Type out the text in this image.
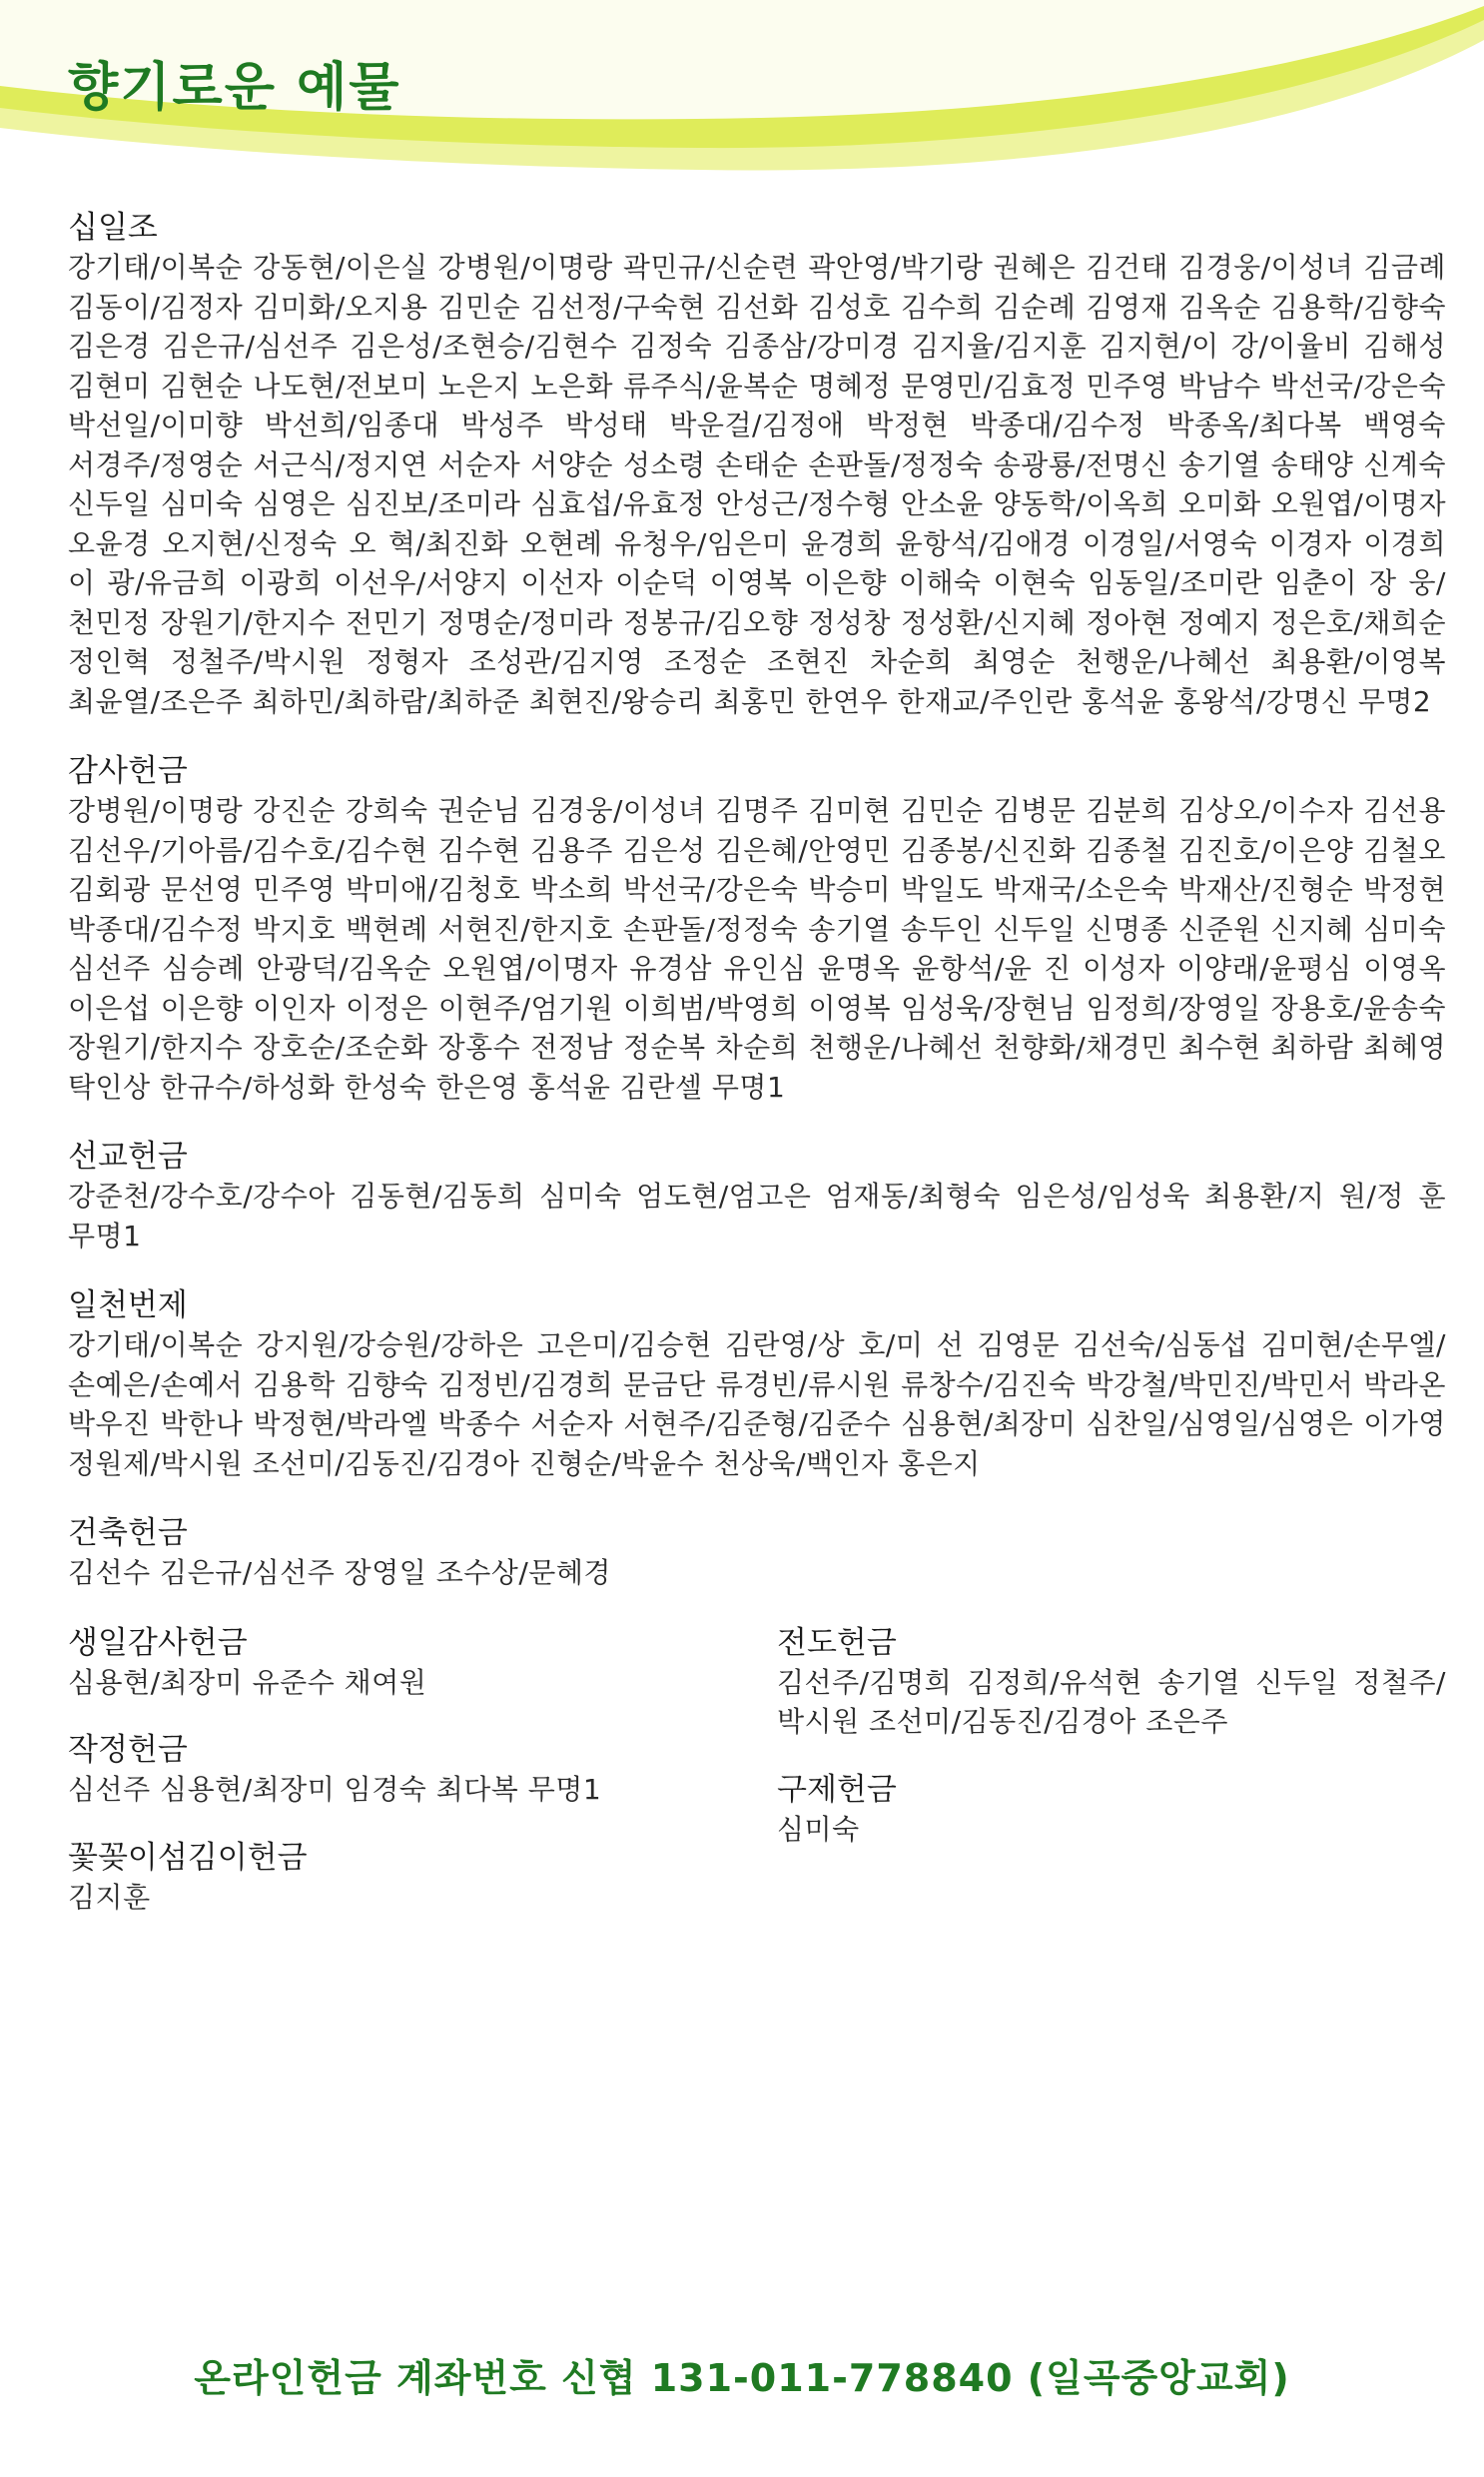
향기로운 예물

십일조

강기태/이복순 강동현/이은실 강병원/이명랑 곽민규/신순련 곽안영/박기랑 권혜은 김건태 김경웅/이성녀 김금례 김동이/김정자 김미화/오지용 김민순 김선정/구숙현 김선화 김성호 김수희 김순례 김영재 김옥순 김용학/김향숙 김은경 김은규/심선주 김은성/조현승/김현수 김정숙 김종삼/강미경 김지율/김지훈 김지현/이 강/이율비 김해성 김현미 김현순 나도현/전보미 노은지 노은화 류주식/윤복순 명혜정 문영민/김효정 민주영 박남수 박선국/강은숙 박선일/이미향 박선희/임종대 박성주 박성태 박운걸/김정애 박정현 박종대/김수정 박종옥/최다복 백영숙 서경주/정영순 서근식/정지연 서순자 서양순 성소령 손태순 손판돌/정정숙 송광룡/전명신 송기열 송태양 신계숙 신두일 심미숙 심영은 심진보/조미라 심효섭/유효정 안성근/정수형 안소윤 양동학/이옥희 오미화 오원엽/이명자 오윤경 오지현/신정숙 오 혁/최진화 오현례 유청우/임은미 윤경희 윤항석/김애경 이경일/서영숙 이경자 이경희 이 광/유금희 이광희 이선우/서양지 이선자 이순덕 이영복 이은향 이해숙 이현숙 임동일/조미란 임춘이 장 웅/천민정 장원기/한지수 전민기 정명순/정미라 정봉규/김오향 정성창 정성환/신지혜 정아현 정예지 정은호/채희순 정인혁 정철주/박시원 정형자 조성관/김지영 조정순 조현진 차순희 최영순 천행운/나혜선 최용환/이영복 최윤열/조은주 최하민/최하람/최하준 최현진/왕승리 최홍민 한연우 한재교/주인란 홍석윤 홍왕석/강명신 무명2

감사헌금

강병원/이명랑 강진순 강희숙 권순님 김경웅/이성녀 김명주 김미현 김민순 김병문 김분희 김상오/이수자 김선용 김선우/기아름/김수호/김수현 김수현 김용주 김은성 김은혜/안영민 김종봉/신진화 김종철 김진호/이은양 김철오 김회광 문선영 민주영 박미애/김청호 박소희 박선국/강은숙 박승미 박일도 박재국/소은숙 박재산/진형순 박정현 박종대/김수정 박지호 백현례 서현진/한지호 손판돌/정정숙 송기열 송두인 신두일 신명종 신준원 신지혜 심미숙 심선주 심승례 안광덕/김옥순 오원엽/이명자 유경삼 유인심 윤명옥 윤항석/윤 진 이성자 이양래/윤평심 이영옥 이은섭 이은향 이인자 이정은 이현주/엄기원 이희범/박영희 이영복 임성욱/장현님 임정희/장영일 장용호/윤송숙 장원기/한지수 장호순/조순화 장홍수 전정남 정순복 차순희 천행운/나혜선 천향화/채경민 최수현 최하람 최혜영 탁인상 한규수/하성화 한성숙 한은영 홍석윤 김란셀 무명1

선교헌금

강준천/강수호/강수아 김동현/김동희 심미숙 엄도현/엄고은 엄재동/최형숙 임은성/임성욱 최용환/지 원/정 훈 무명1

일천번제

강기태/이복순 강지원/강승원/강하은 고은미/김승현 김란영/상 호/미 선 김영문 김선숙/심동섭 김미현/손무엘/손예은/손예서 김용학 김향숙 김정빈/김경희 문금단 류경빈/류시원 류창수/김진숙 박강철/박민진/박민서 박라온 박우진 박한나 박정현/박라엘 박종수 서순자 서현주/김준형/김준수 심용현/최장미 심찬일/심영일/심영은 이가영 정원제/박시원 조선미/김동진/김경아 진형순/박윤수 천상욱/백인자 홍은지

건축헌금

김선수 김은규/심선주 장영일 조수상/문혜경

생일감사헌금

심용현/최장미 유준수 채여원

작정헌금

심선주 심용현/최장미 임경숙 최다복 무명1

꽃꽂이섬김이헌금

김지훈

전도헌금

김선주/김명희 김정희/유석현 송기열 신두일 정철주/박시원 조선미/김동진/김경아 조은주

구제헌금

심미숙

온라인헌금 계좌번호 신협 131-011-778840 (일곡중앙교회)
